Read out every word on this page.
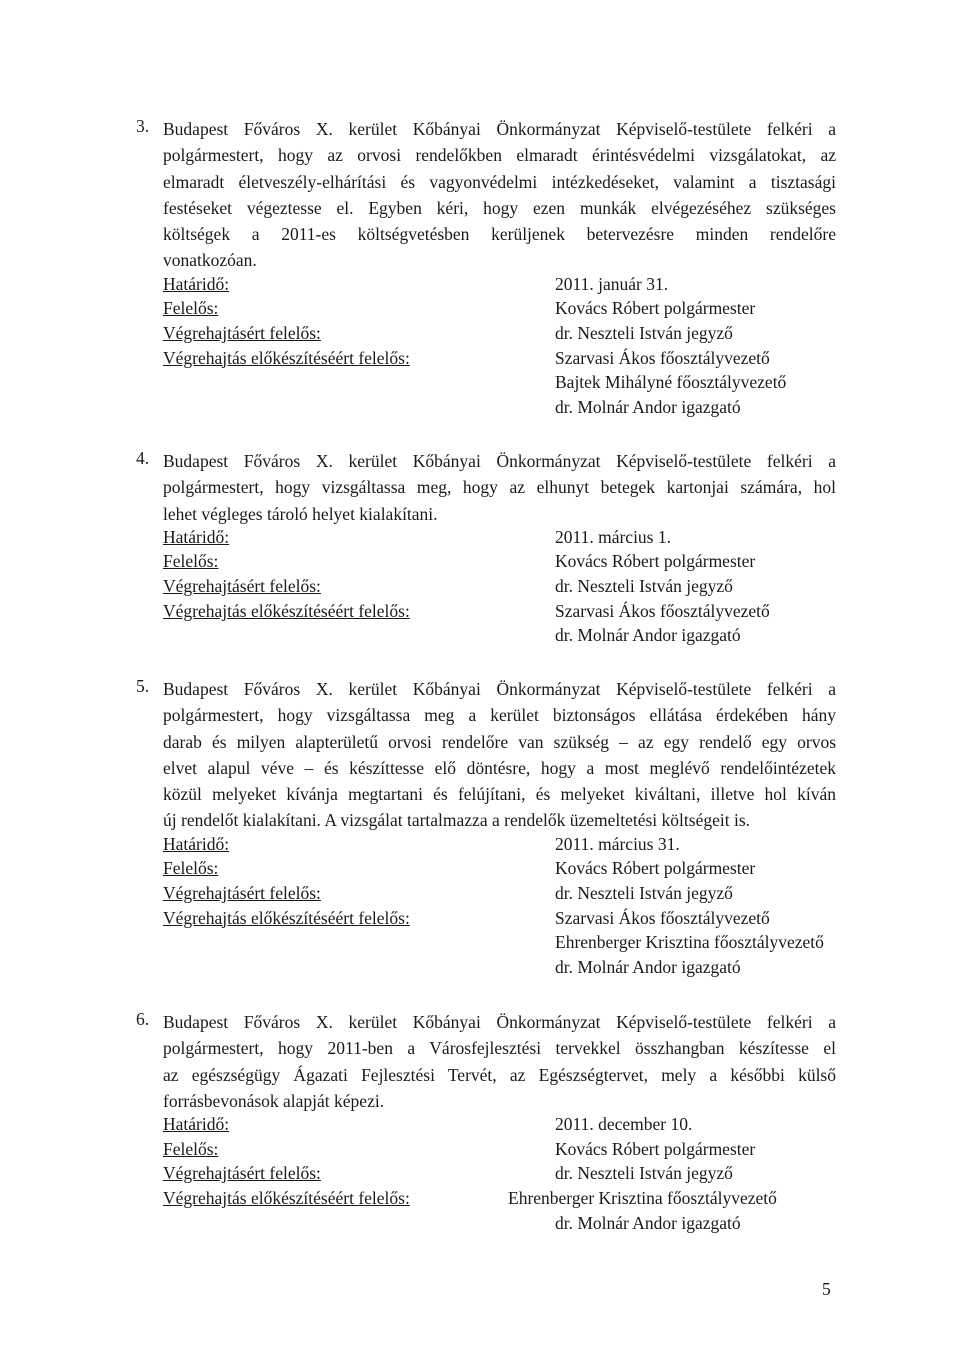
3. Budapest Főváros X. kerület Kőbányai Önkormányzat Képviselő-testülete felkéri a
polgármestert, hogy az orvosi rendelőkben elmaradt érintésvédelmi vizsgálatokat, az
elmaradt életveszély-elhárítási és vagyonvédelmi intézkedéseket, valamint a tisztasági
festéseket végeztesse el. Egyben kéri, hogy ezen munkák elvégezéséhez szükséges
költségek a 2011-es költségvetésben kerüljenek betervezésre minden rendelőre
vonatkozóan.
Határidő:	2011. január 31.
Felelős:	Kovács Róbert polgármester
Végrehajtásért felelős:	dr. Neszteli István jegyző
Végrehajtás előkészítéséért felelős:	Szarvasi Ákos főosztályvezető
Bajtek Mihályné főosztályvezető
dr. Molnár Andor igazgató
4. Budapest Főváros X. kerület Kőbányai Önkormányzat Képviselő-testülete felkéri a
polgármestert, hogy vizsgáltassa meg, hogy az elhunyt betegek kartonjai számára, hol
lehet végleges tároló helyet kialakítani.
Határidő:	2011. március 1.
Felelős:	Kovács Róbert polgármester
Végrehajtásért felelős:	dr. Neszteli István jegyző
Végrehajtás előkészítéséért felelős:	Szarvasi Ákos főosztályvezető
dr. Molnár Andor igazgató
5. Budapest Főváros X. kerület Kőbányai Önkormányzat Képviselő-testülete felkéri a
polgármestert, hogy vizsgáltassa meg a kerület biztonságos ellátása érdekében hány
darab és milyen alapterületű orvosi rendelőre van szükség – az egy rendelő egy orvos
elvet alapul véve – és készíttesse elő döntésre, hogy a most meglévő rendelőintézetek
közül melyeket kívánja megtartani és felújítani, és melyeket kiváltani, illetve hol kíván
új rendelőt kialakítani. A vizsgálat tartalmazza a rendelők üzemeltetési költségeit is.
Határidő:	2011. március 31.
Felelős:	Kovács Róbert polgármester
Végrehajtásért felelős:	dr. Neszteli István jegyző
Végrehajtás előkészítéséért felelős:	Szarvasi Ákos főosztályvezető
Ehrenberger Krisztina főosztályvezető
dr. Molnár Andor igazgató
6. Budapest Főváros X. kerület Kőbányai Önkormányzat Képviselő-testülete felkéri a
polgármestert, hogy 2011-ben a Városfejlesztési tervekkel összhangban készítesse el
az egészségügy Ágazati Fejlesztési Tervét, az Egészségtervet, mely a későbbi külső
forrásbevonások alapját képezi.
Határidő:	2011. december 10.
Felelős:	Kovács Róbert polgármester
Végrehajtásért felelős:	dr. Neszteli István jegyző
Végrehajtás előkészítéséért felelős:	Ehrenberger Krisztina főosztályvezető
dr. Molnár Andor igazgató
5
